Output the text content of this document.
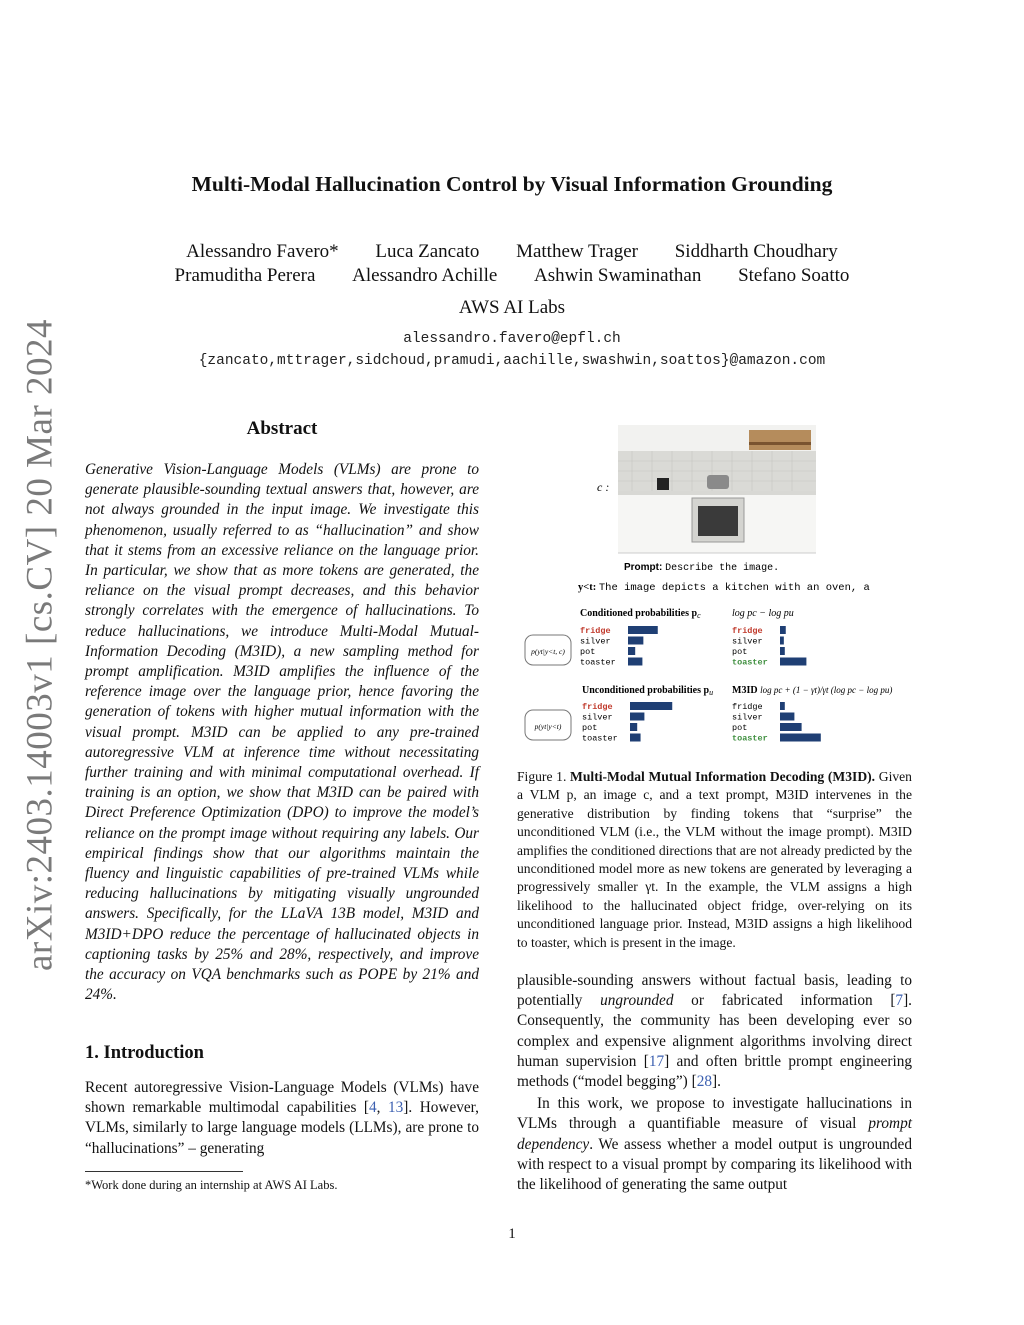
arXiv:2403.14003v1 [cs.CV] 20 Mar 2024
Multi-Modal Hallucination Control by Visual Information Grounding
Alessandro Favero* Luca Zancato Matthew Trager Siddharth Choudhary
Pramuditha Perera Alessandro Achille Ashwin Swaminathan Stefano Soatto
AWS AI Labs
alessandro.favero@epfl.ch
{zancato,mttrager,sidchoud,pramudi,aachille,swashwin,soattos}@amazon.com
Abstract
Generative Vision-Language Models (VLMs) are prone to generate plausible-sounding textual answers that, however, are not always grounded in the input image. We investigate this phenomenon, usually referred to as “hallucination” and show that it stems from an excessive reliance on the language prior. In particular, we show that as more tokens are generated, the reliance on the visual prompt decreases, and this behavior strongly correlates with the emergence of hallucinations. To reduce hallucinations, we introduce Multi-Modal Mutual-Information Decoding (M3ID), a new sampling method for prompt amplification. M3ID amplifies the influence of the reference image over the language prior, hence favoring the generation of tokens with higher mutual information with the visual prompt. M3ID can be applied to any pre-trained autoregressive VLM at inference time without necessitating further training and with minimal computational overhead. If training is an option, we show that M3ID can be paired with Direct Preference Optimization (DPO) to improve the model’s reliance on the prompt image without requiring any labels. Our empirical findings show that our algorithms maintain the fluency and linguistic capabilities of pre-trained VLMs while reducing hallucinations by mitigating visually ungrounded answers. Specifically, for the LLaVA 13B model, M3ID and M3ID+DPO reduce the percentage of hallucinated objects in captioning tasks by 25% and 28%, respectively, and improve the accuracy on VQA benchmarks such as POPE by 21% and 24%.
1. Introduction
Recent autoregressive Vision-Language Models (VLMs) have shown remarkable multimodal capabilities [4, 13]. However, VLMs, similarly to large language models (LLMs), are prone to “hallucinations” – generating
*Work done during an internship at AWS AI Labs.
c :
Prompt: Describe the image.
y<t: The image depicts a kitchen with an oven, a
Conditioned probabilities $p_c$	log pc − log pu
Unconditioned probabilities $p_u$ M3ID log pc + (1 − γt)/γt (log pc − log pu)
p(yt|y<t, c)
p(yt|y<t)
fridge
silver
pot
toaster
fridge
silver
pot
toaster
fridge
silver
pot
toaster
fridge
silver
pot
toaster
Figure 1. Multi-Modal Mutual Information Decoding (M3ID). Given a VLM p, an image c, and a text prompt, M3ID intervenes in the generative distribution by finding tokens that “surprise” the unconditioned VLM (i.e., the VLM without the image prompt). M3ID amplifies the conditioned directions that are not already predicted by the unconditioned model more as new tokens are generated by leveraging a progressively smaller γt. In the example, the VLM assigns a high likelihood to the hallucinated object fridge, over-relying on its unconditioned language prior. Instead, M3ID assigns a high likelihood to toaster, which is present in the image.

plausible-sounding answers without factual basis, leading to potentially ungrounded or fabricated information [7]. Consequently, the community has been developing ever so complex and expensive alignment algorithms involving direct human supervision [17] and often brittle prompt engineering methods (“model begging”) [28].

In this work, we propose to investigate hallucinations in VLMs through a quantifiable measure of visual prompt dependency. We assess whether a model output is ungrounded with respect to a visual prompt by comparing its likelihood with the likelihood of generating the same output

1
